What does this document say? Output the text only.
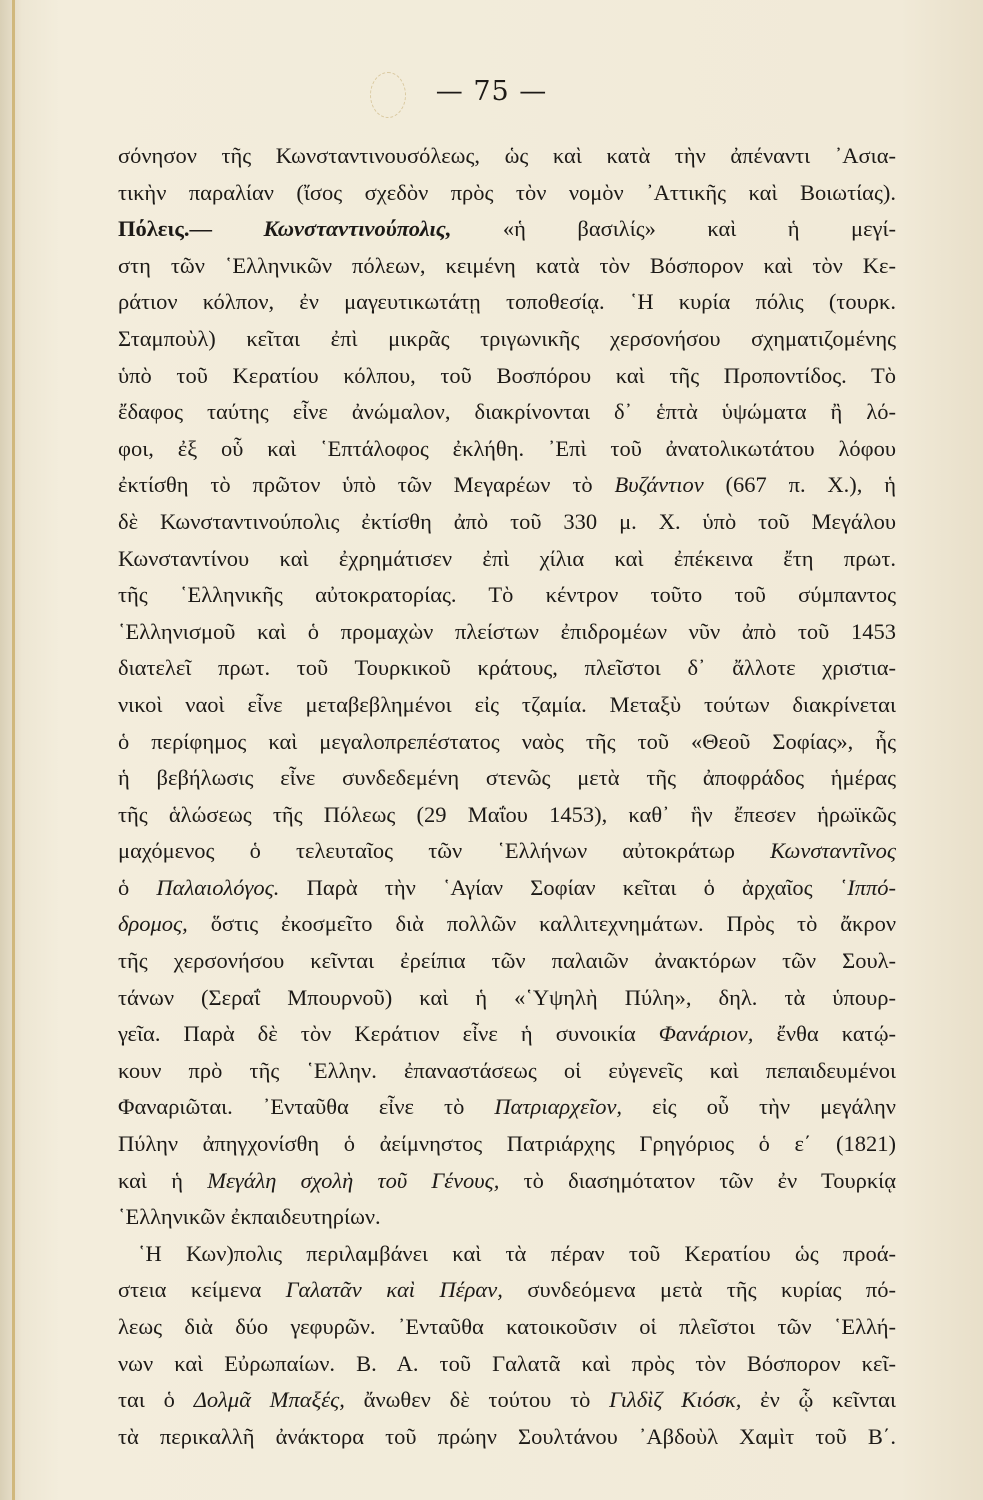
— 75 —
σόνησον τῆς Κωνσταντινουσόλεως, ὡς καὶ κατὰ τὴν ἀπέναντι ᾿Ασια-
τικὴν παραλίαν (ἴσος σχεδὸν πρὸς τὸν νομὸν ᾿Αττικῆς καὶ Βοιωτίας).
Πόλεις.— Κωνσταντινούπολις, «ἡ βασιλίς» καὶ ἡ μεγί-
στη τῶν ῾Ελληνικῶν πόλεων, κειμένη κατὰ τὸν Βόσπορον καὶ τὸν Κε-
ράτιον κόλπον, ἐν μαγευτικωτάτῃ τοποθεσίᾳ. ῾Η κυρία πόλις (τουρκ.
Σταμποὺλ) κεῖται ἐπὶ μικρᾶς τριγωνικῆς χερσονήσου σχηματιζομένης
ὑπὸ τοῦ Κερατίου κόλπου, τοῦ Βοσπόρου καὶ τῆς Προποντίδος. Τὸ
ἔδαφος ταύτης εἶνε ἀνώμαλον, διακρίνονται δ᾿ ἑπτὰ ὑψώματα ἢ λό-
φοι, ἐξ οὗ καὶ ῾Επτάλοφος ἐκλήθη. ᾿Επὶ τοῦ ἀνατολικωτάτου λόφου
ἐκτίσθη τὸ πρῶτον ὑπὸ τῶν Μεγαρέων τὸ Βυζάντιον (667 π. Χ.), ἡ
δὲ Κωνσταντινούπολις ἐκτίσθη ἀπὸ τοῦ 330 μ. Χ. ὑπὸ τοῦ Μεγάλου
Κωνσταντίνου καὶ ἐχρημάτισεν ἐπὶ χίλια καὶ ἐπέκεινα ἔτη πρωτ.
τῆς ῾Ελληνικῆς αὐτοκρατορίας. Τὸ κέντρον τοῦτο τοῦ σύμπαντος
῾Ελληνισμοῦ καὶ ὁ προμαχὼν πλείστων ἐπιδρομέων νῦν ἀπὸ τοῦ 1453
διατελεῖ πρωτ. τοῦ Τουρκικοῦ κράτους, πλεῖστοι δ᾿ ἄλλοτε χριστια-
νικοὶ ναοὶ εἶνε μεταβεβλημένοι εἰς τζαμία. Μεταξὺ τούτων διακρίνεται
ὁ περίφημος καὶ μεγαλοπρεπέστατος ναὸς τῆς τοῦ «Θεοῦ Σοφίας», ἧς
ἡ βεβήλωσις εἶνε συνδεδεμένη στενῶς μετὰ τῆς ἀποφράδος ἡμέρας
τῆς ἁλώσεως τῆς Πόλεως (29 Μαΐου 1453), καθ᾿ ἣν ἔπεσεν ἡρωϊκῶς
μαχόμενος ὁ τελευταῖος τῶν ῾Ελλήνων αὐτοκράτωρ Κωνσταντῖνος
ὁ Παλαιολόγος. Παρὰ τὴν ῾Αγίαν Σοφίαν κεῖται ὁ ἀρχαῖος ῾Ιππό-
δρομος, ὅστις ἐκοσμεῖτο διὰ πολλῶν καλλιτεχνημάτων. Πρὸς τὸ ἄκρον
τῆς χερσονήσου κεῖνται ἐρείπια τῶν παλαιῶν ἀνακτόρων τῶν Σουλ-
τάνων (Σεραΐ Μπουρνοῦ) καὶ ἡ «῾Υψηλὴ Πύλη», δηλ. τὰ ὑπουρ-
γεῖα. Παρὰ δὲ τὸν Κεράτιον εἶνε ἡ συνοικία Φανάριον, ἔνθα κατῴ-
κουν πρὸ τῆς ῾Ελλην. ἐπαναστάσεως οἱ εὐγενεῖς καὶ πεπαιδευμένοι
Φαναριῶται. ᾿Ενταῦθα εἶνε τὸ Πατριαρχεῖον, εἰς οὗ τὴν μεγάλην
Πύλην ἀπηγχονίσθη ὁ ἀείμνηστος Πατριάρχης Γρηγόριος ὁ ε΄ (1821)
καὶ ἡ Μεγάλη σχολὴ τοῦ Γένους, τὸ διασημότατον τῶν ἐν Τουρκίᾳ
῾Ελληνικῶν ἐκπαιδευτηρίων.
῾Η Κων)πολις περιλαμβάνει καὶ τὰ πέραν τοῦ Κερατίου ὡς προά-
στεια κείμενα Γαλατᾶν καὶ Πέραν, συνδεόμενα μετὰ τῆς κυρίας πό-
λεως διὰ δύο γεφυρῶν. ᾿Ενταῦθα κατοικοῦσιν οἱ πλεῖστοι τῶν ῾Ελλή-
νων καὶ Εὐρωπαίων. Β. Α. τοῦ Γαλατᾶ καὶ πρὸς τὸν Βόσπορον κεῖ-
ται ὁ Δολμᾶ Μπαξές, ἄνωθεν δὲ τούτου τὸ Γιλδὶζ Κιόσκ, ἐν ᾧ κεῖνται
τὰ περικαλλῆ ἀνάκτορα τοῦ πρώην Σουλτάνου ᾿Αβδοὺλ Χαμὶτ τοῦ Β΄.
